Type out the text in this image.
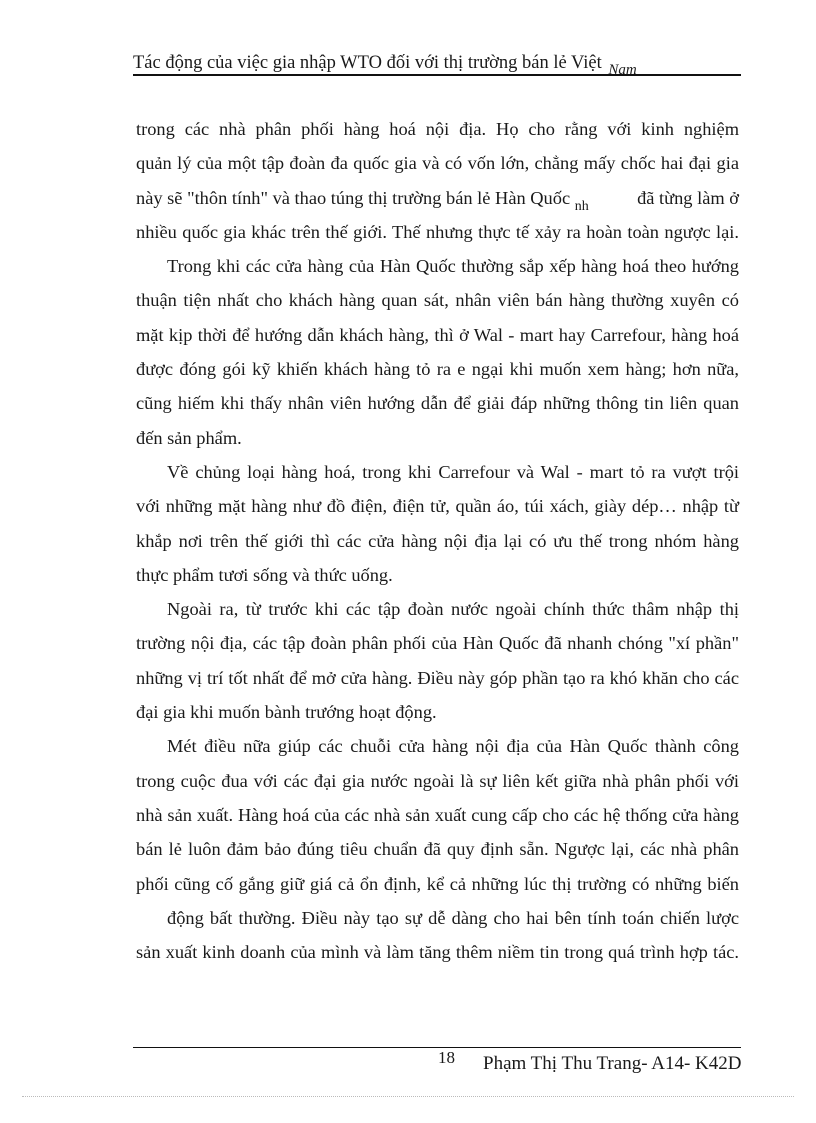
Tác động của việc gia nhập WTO đối với thị trường bán lẻ Việt $_{Nam}$
trong các nhà phân phối hàng hoá nội địa. Họ cho rằng với kinh nghiệm
quản lý của một tập đoàn đa quốc gia và có vốn lớn, chẳng mấy chốc hai đại gia
này sẽ "thôn tính" và thao túng thị trường bán lẻ Hàn Quốc $_{nh}$	đã từng làm ở
nhiều quốc gia khác trên thế giới. Thế nhưng thực tế xảy ra hoàn toàn ngược lại.
Trong khi các cửa hàng của Hàn Quốc thường sắp xếp hàng hoá theo hướng
thuận tiện nhất cho khách hàng quan sát, nhân viên bán hàng thường xuyên có
mặt kịp thời để hướng dẫn khách hàng, thì ở Wal - mart hay Carrefour, hàng hoá
được đóng gói kỹ khiến khách hàng tỏ ra e ngại khi muốn xem hàng; hơn nữa,
cũng hiếm khi thấy nhân viên hướng dẫn để giải đáp những thông tin liên quan
đến sản phẩm.
Về chủng loại hàng hoá, trong khi Carrefour và Wal - mart tỏ ra vượt trội
với những mặt hàng như đồ điện, điện tử, quần áo, túi xách, giày dép… nhập từ
khắp nơi trên thế giới thì các cửa hàng nội địa lại có ưu thế trong nhóm hàng
thực phẩm tươi sống và thức uống.
Ngoài ra, từ trước khi các tập đoàn nước ngoài chính thức thâm nhập thị
trường nội địa, các tập đoàn phân phối của Hàn Quốc đã nhanh chóng "xí phần"
những vị trí tốt nhất để mở cửa hàng. Điều này góp phần tạo ra khó khăn cho các
đại gia khi muốn bành trướng hoạt động.
Mét điều nữa giúp các chuỗi cửa hàng nội địa của Hàn Quốc thành công
trong cuộc đua với các đại gia nước ngoài là sự liên kết giữa nhà phân phối với
nhà sản xuất. Hàng hoá của các nhà sản xuất cung cấp cho các hệ thống cửa hàng
bán lẻ luôn đảm bảo đúng tiêu chuẩn đã quy định sẵn. Ngược lại, các nhà phân
phối cũng cố gắng giữ giá cả ổn định, kể cả những lúc thị trường có những biến
động bất thường. Điều này tạo sự dễ dàng cho hai bên tính toán chiến lược
sản xuất kinh doanh của mình và làm tăng thêm niềm tin trong quá trình hợp tác.
18 Phạm Thị Thu Trang- A14- K42D
